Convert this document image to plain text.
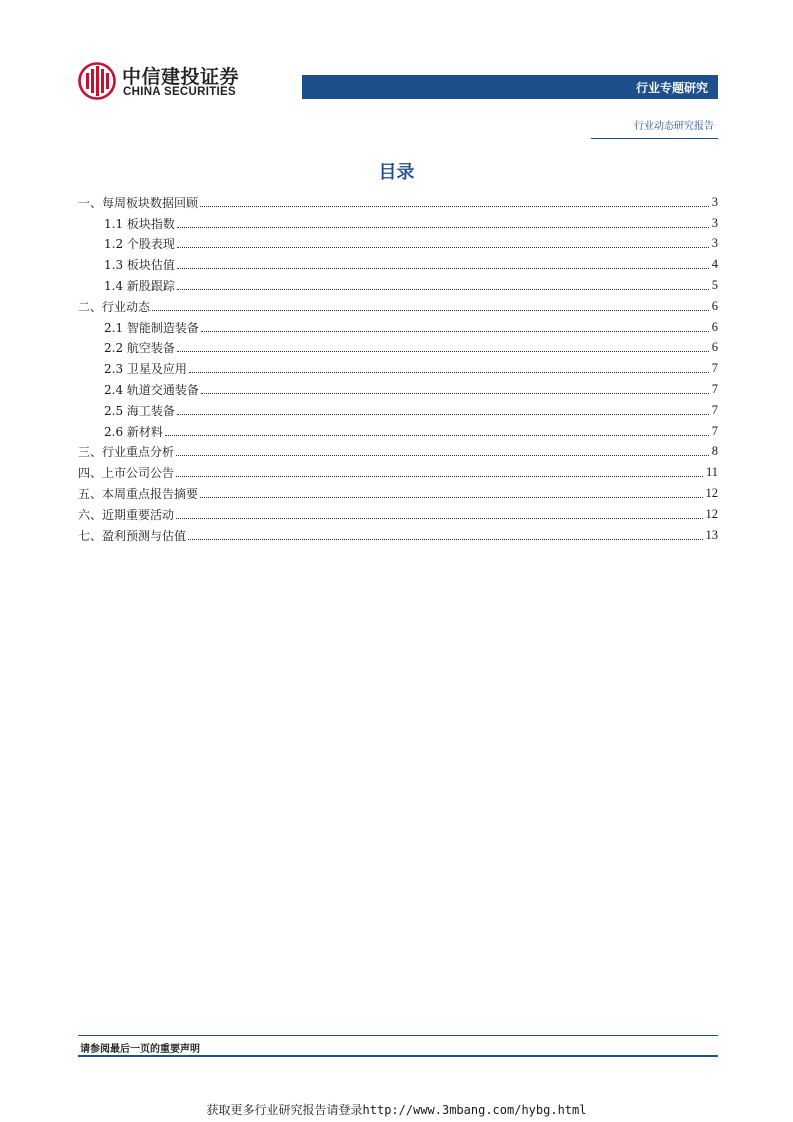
中信建投证券
CHINA SECURITIES	行业专题研究
行业动态研究报告
目录
一、每周板块数据回顾	3
1.1 板块指数	3
1.2 个股表现	3
1.3 板块估值	4
1.4 新股跟踪	5
二、行业动态	6
2.1 智能制造装备	6
2.2 航空装备	6
2.3 卫星及应用	7
2.4 轨道交通装备	7
2.5 海工装备	7
2.6 新材料	7
三、行业重点分析	8
四、上市公司公告	11
五、本周重点报告摘要	12
六、近期重要活动	12
七、盈利预测与估值	13
请参阅最后一页的重要声明
获取更多行业研究报告请登录http://www.3mbang.com/hybg.html
